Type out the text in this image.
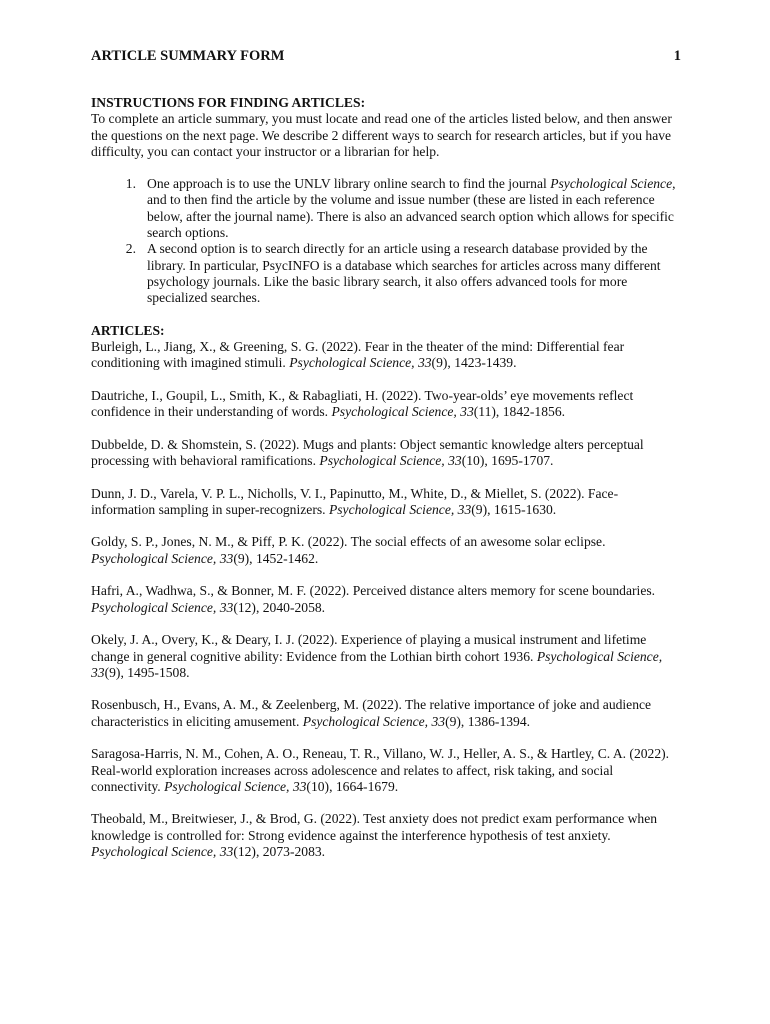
ARTICLE SUMMARY FORM	1
INSTRUCTIONS FOR FINDING ARTICLES:

To complete an article summary, you must locate and read one of the articles listed below, and then answer the questions on the next page. We describe 2 different ways to search for research articles, but if you have difficulty, you can contact your instructor or a librarian for help.

1. One approach is to use the UNLV library online search to find the journal Psychological Science, and to then find the article by the volume and issue number (these are listed in each reference below, after the journal name). There is also an advanced search option which allows for specific search options.
2. A second option is to search directly for an article using a research database provided by the library. In particular, PsycINFO is a database which searches for articles across many different psychology journals. Like the basic library search, it also offers advanced tools for more specialized searches.
ARTICLES:

Burleigh, L., Jiang, X., & Greening, S. G. (2022). Fear in the theater of the mind: Differential fear conditioning with imagined stimuli. Psychological Science, 33(9), 1423-1439.

Dautriche, I., Goupil, L., Smith, K., & Rabagliati, H. (2022). Two-year-olds’ eye movements reflect confidence in their understanding of words. Psychological Science, 33(11), 1842-1856.

Dubbelde, D. & Shomstein, S. (2022). Mugs and plants: Object semantic knowledge alters perceptual processing with behavioral ramifications. Psychological Science, 33(10), 1695-1707.

Dunn, J. D., Varela, V. P. L., Nicholls, V. I., Papinutto, M., White, D., & Miellet, S. (2022). Face-information sampling in super-recognizers. Psychological Science, 33(9), 1615-1630.

Goldy, S. P., Jones, N. M., & Piff, P. K. (2022). The social effects of an awesome solar eclipse. Psychological Science, 33(9), 1452-1462.

Hafri, A., Wadhwa, S., & Bonner, M. F. (2022). Perceived distance alters memory for scene boundaries. Psychological Science, 33(12), 2040-2058.

Okely, J. A., Overy, K., & Deary, I. J. (2022). Experience of playing a musical instrument and lifetime change in general cognitive ability: Evidence from the Lothian birth cohort 1936. Psychological Science, 33(9), 1495-1508.

Rosenbusch, H., Evans, A. M., & Zeelenberg, M. (2022). The relative importance of joke and audience characteristics in eliciting amusement. Psychological Science, 33(9), 1386-1394.

Saragosa-Harris, N. M., Cohen, A. O., Reneau, T. R., Villano, W. J., Heller, A. S., & Hartley, C. A. (2022). Real-world exploration increases across adolescence and relates to affect, risk taking, and social connectivity. Psychological Science, 33(10), 1664-1679.

Theobald, M., Breitwieser, J., & Brod, G. (2022). Test anxiety does not predict exam performance when knowledge is controlled for: Strong evidence against the interference hypothesis of test anxiety. Psychological Science, 33(12), 2073-2083.
